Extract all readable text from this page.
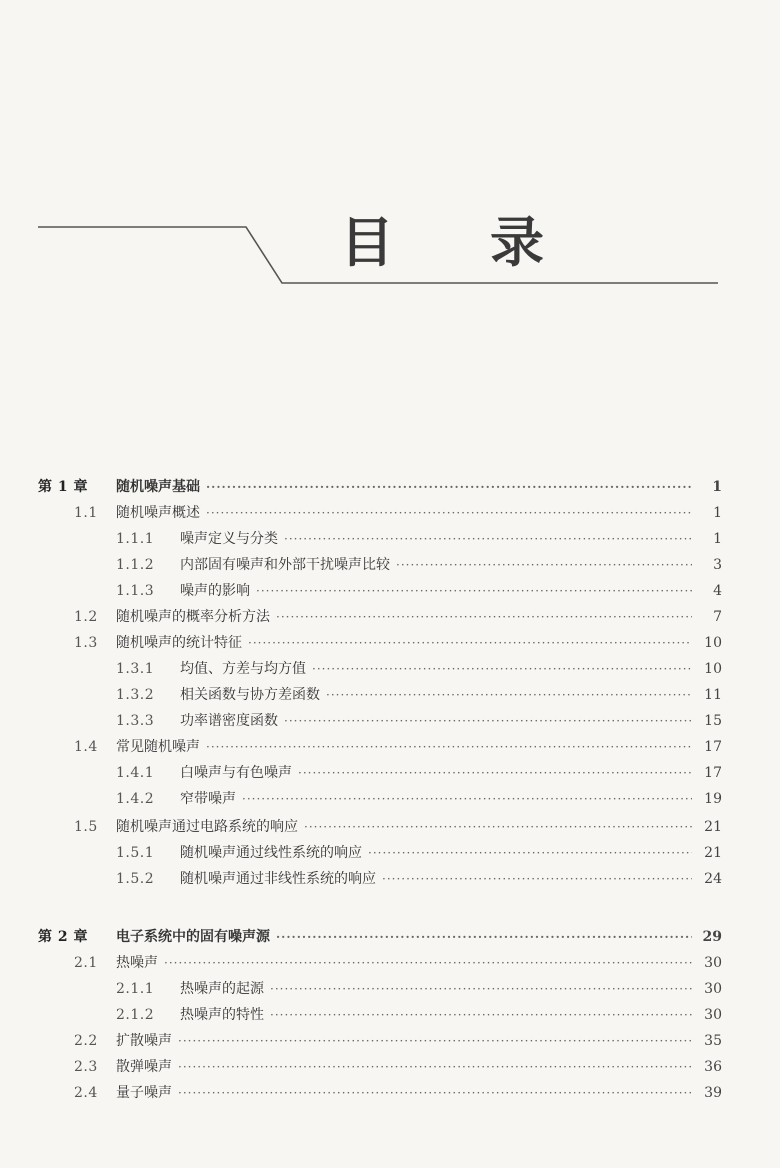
目 录
第 1 章	随机噪声基础 ·····	1
1.1	随机噪声概述 ·····	1
1.1.1	噪声定义与分类 ·····	1
1.1.2	内部固有噪声和外部干扰噪声比较 ·····	3
1.1.3	噪声的影响 ·····	4
1.2	随机噪声的概率分析方法 ·····	7
1.3	随机噪声的统计特征 ·····	10
1.3.1	均值、方差与均方值 ·····	10
1.3.2	相关函数与协方差函数 ·····	11
1.3.3	功率谱密度函数 ·····	15
1.4	常见随机噪声 ·····	17
1.4.1	白噪声与有色噪声 ·····	17
1.4.2	窄带噪声 ·····	19
1.5	随机噪声通过电路系统的响应 ·····	21
1.5.1	随机噪声通过线性系统的响应 ·····	21
1.5.2	随机噪声通过非线性系统的响应 ·····	24
第 2 章	电子系统中的固有噪声源 ·····	29
2.1	热噪声 ·····	30
2.1.1	热噪声的起源 ·····	30
2.1.2	热噪声的特性 ·····	30
2.2	扩散噪声 ·····	35
2.3	散弹噪声 ·····	36
2.4	量子噪声 ·····	39
